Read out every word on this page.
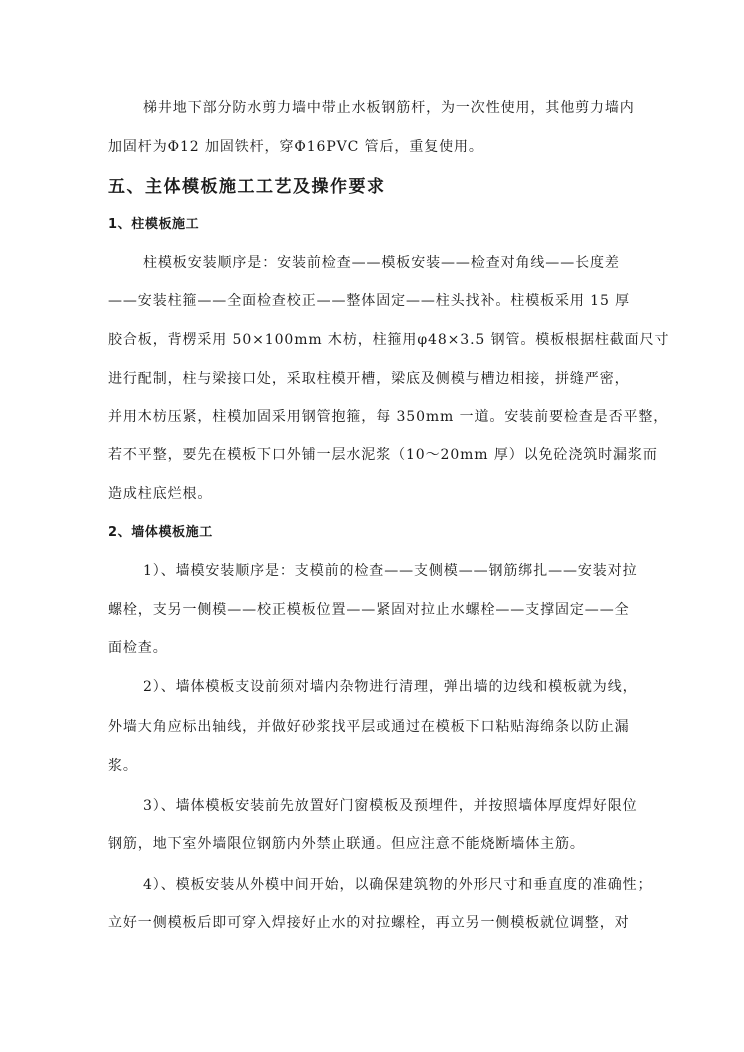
梯井地下部分防水剪力墙中带止水板钢筋杆，为一次性使用，其他剪力墙内
加固杆为Φ12 加固铁杆，穿Φ16PVC 管后，重复使用。
五、主体模板施工工艺及操作要求
1、柱模板施工
柱模板安装顺序是：安装前检查——模板安装——检查对角线——长度差
——安装柱箍——全面检查校正——整体固定——柱头找补。柱模板采用 15 厚
胶合板，背楞采用 50×100mm 木枋，柱箍用φ48×3.5 钢管。模板根据柱截面尺寸
进行配制，柱与梁接口处，采取柱模开槽，梁底及侧模与槽边相接，拼缝严密，
并用木枋压紧，柱模加固采用钢管抱箍，每 350mm 一道。安装前要检查是否平整，
若不平整，要先在模板下口外铺一层水泥浆（10～20mm 厚）以免砼浇筑时漏浆而
造成柱底烂根。
2、墙体模板施工
1）、墙模安装顺序是：支模前的检查——支侧模——钢筋绑扎——安装对拉
螺栓，支另一侧模——校正模板位置——紧固对拉止水螺栓——支撑固定——全
面检查。
2）、墙体模板支设前须对墙内杂物进行清理，弹出墙的边线和模板就为线，
外墙大角应标出轴线，并做好砂浆找平层或通过在模板下口粘贴海绵条以防止漏
浆。
3）、墙体模板安装前先放置好门窗模板及预埋件，并按照墙体厚度焊好限位
钢筋，地下室外墙限位钢筋内外禁止联通。但应注意不能烧断墙体主筋。
4）、模板安装从外模中间开始，以确保建筑物的外形尺寸和垂直度的准确性；
立好一侧模板后即可穿入焊接好止水的对拉螺栓，再立另一侧模板就位调整，对
